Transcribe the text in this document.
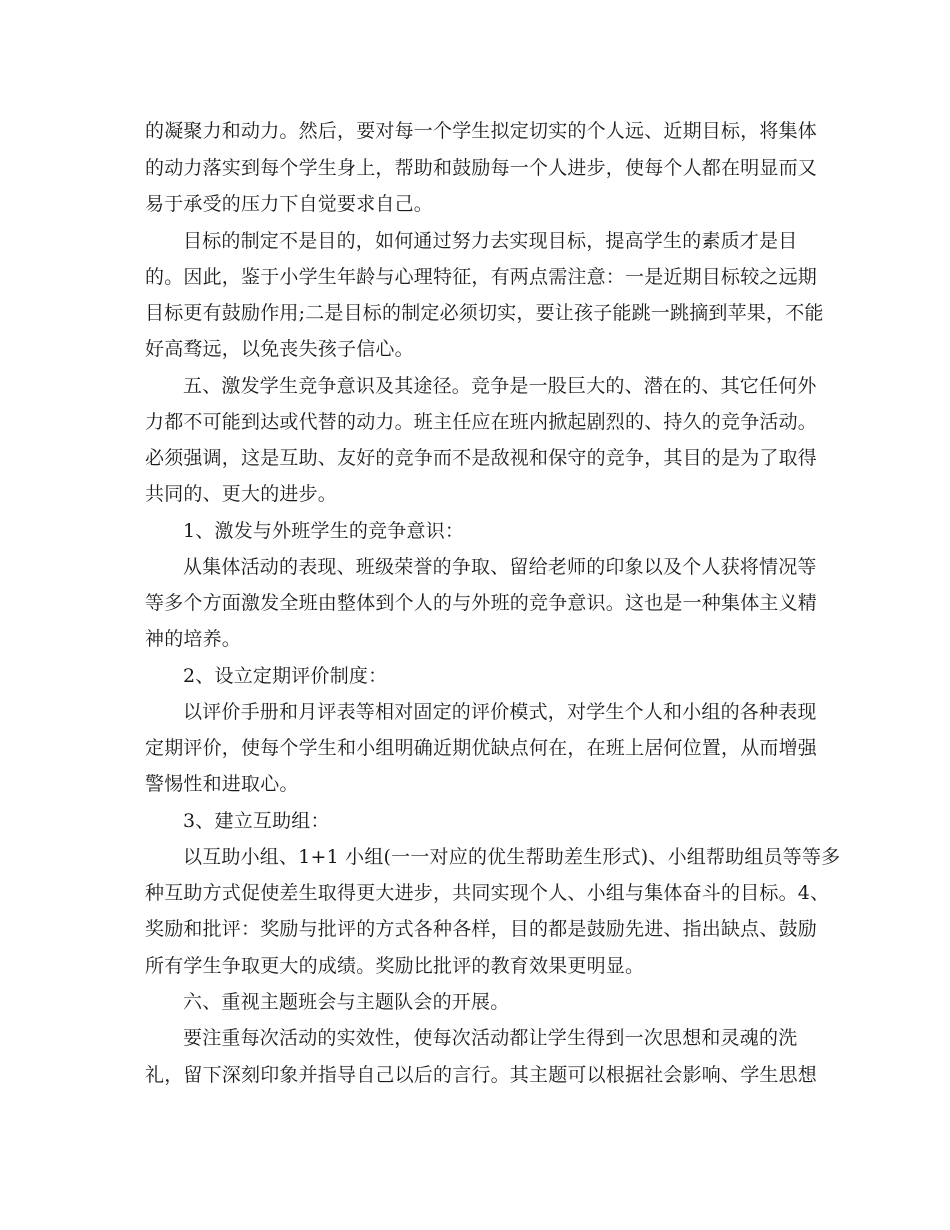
的凝聚力和动力。然后，要对每一个学生拟定切实的个人远、近期目标，将集体
的动力落实到每个学生身上，帮助和鼓励每一个人进步，使每个人都在明显而又
易于承受的压力下自觉要求自己。
目标的制定不是目的，如何通过努力去实现目标，提高学生的素质才是目
的。因此，鉴于小学生年龄与心理特征，有两点需注意：一是近期目标较之远期
目标更有鼓励作用;二是目标的制定必须切实，要让孩子能跳一跳摘到苹果，不能
好高骛远，以免丧失孩子信心。
五、激发学生竞争意识及其途径。竞争是一股巨大的、潜在的、其它任何外
力都不可能到达或代替的动力。班主任应在班内掀起剧烈的、持久的竞争活动。
必须强调，这是互助、友好的竞争而不是敌视和保守的竞争，其目的是为了取得
共同的、更大的进步。
1、激发与外班学生的竞争意识：
从集体活动的表现、班级荣誉的争取、留给老师的印象以及个人获将情况等
等多个方面激发全班由整体到个人的与外班的竞争意识。这也是一种集体主义精
神的培养。
2、设立定期评价制度：
以评价手册和月评表等相对固定的评价模式，对学生个人和小组的各种表现
定期评价，使每个学生和小组明确近期优缺点何在，在班上居何位置，从而增强
警惕性和进取心。
3、建立互助组：
以互助小组、1+1 小组(一一对应的优生帮助差生形式)、小组帮助组员等等多
种互助方式促使差生取得更大进步，共同实现个人、小组与集体奋斗的目标。4、
奖励和批评：奖励与批评的方式各种各样，目的都是鼓励先进、指出缺点、鼓励
所有学生争取更大的成绩。奖励比批评的教育效果更明显。
六、重视主题班会与主题队会的开展。
要注重每次活动的实效性，使每次活动都让学生得到一次思想和灵魂的洗
礼，留下深刻印象并指导自己以后的言行。其主题可以根据社会影响、学生思想
